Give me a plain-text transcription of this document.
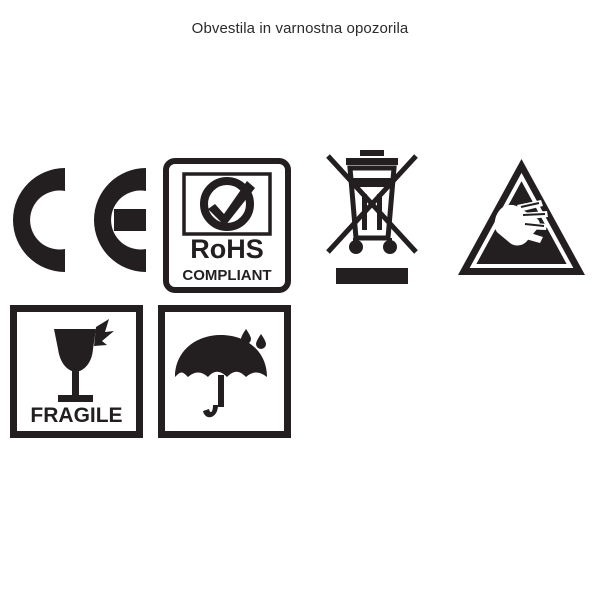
Obvestila in varnostna opozorila
RoHS
COMPLIANT
FRAGILE
